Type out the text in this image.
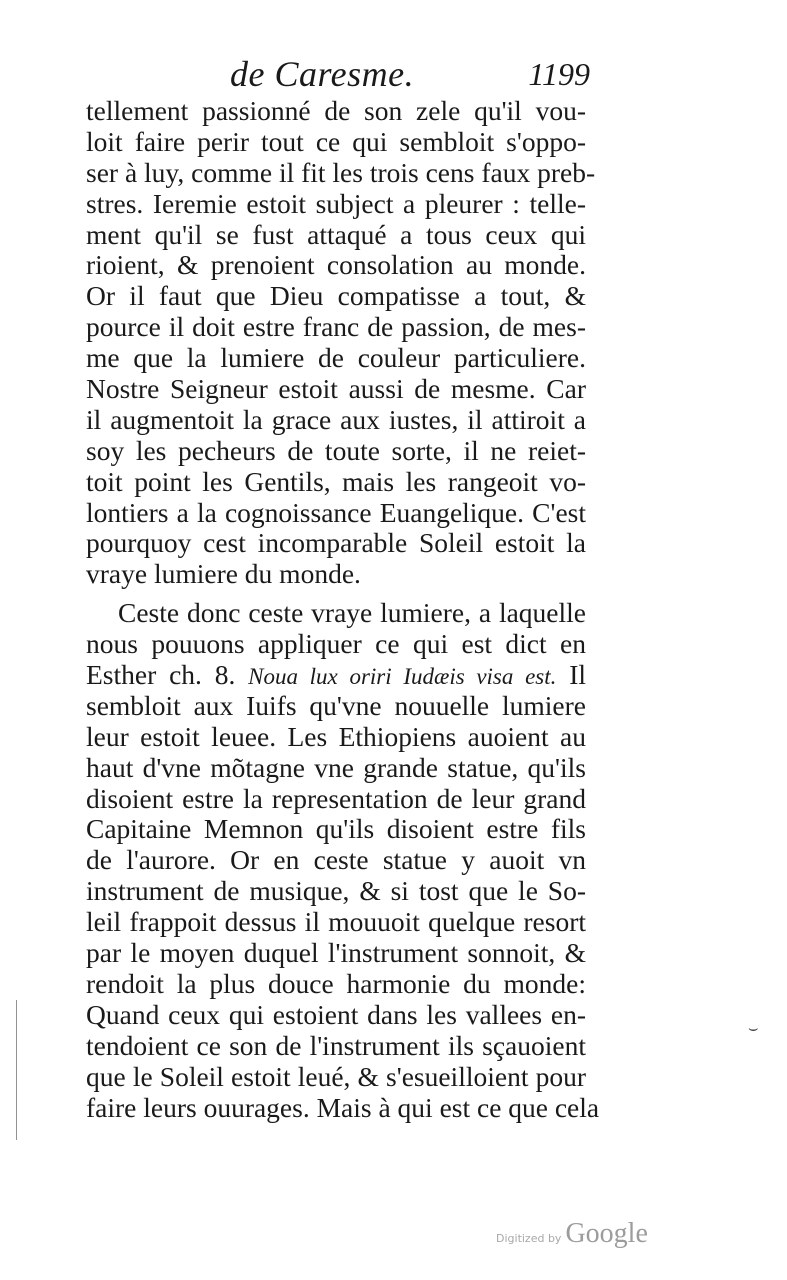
de Caresme.	1199
tellement passionné de son zele qu'il vou-
loit faire perir tout ce qui sembloit s'oppo-
ser à luy, comme il fit les trois cens faux preb-
stres. Ieremie estoit subject a pleurer : telle-
ment qu'il se fust attaqué a tous ceux qui
rioient, & prenoient consolation au monde.
Or il faut que Dieu compatisse a tout, &
pource il doit estre franc de passion, de mes-
me que la lumiere de couleur particuliere.
Nostre Seigneur estoit aussi de mesme. Car
il augmentoit la grace aux iustes, il attiroit a
soy les pecheurs de toute sorte, il ne reiet-
toit point les Gentils, mais les rangeoit vo-
lontiers a la cognoissance Euangelique. C'est
pourquoy cest incomparable Soleil estoit la
vraye lumiere du monde.
Ceste donc ceste vraye lumiere, a laquelle
nous pouuons appliquer ce qui est dict en
Esther ch. 8. Noua lux oriri Iudæis visa est. Il
sembloit aux Iuifs qu'vne nouuelle lumiere
leur estoit leuee. Les Ethiopiens auoient au
haut d'vne mõtagne vne grande statue, qu'ils
disoient estre la representation de leur grand
Capitaine Memnon qu'ils disoient estre fils
de l'aurore. Or en ceste statue y auoit vn
instrument de musique, & si tost que le So-
leil frappoit dessus il mouuoit quelque resort
par le moyen duquel l'instrument sonnoit, &
rendoit la plus douce harmonie du monde:
Quand ceux qui estoient dans les vallees en-
tendoient ce son de l'instrument ils sçauoient
que le Soleil estoit leué, & s'esueilloient pour
faire leurs ouurages. Mais à qui est ce que cela
⌣
Digitized by Google
